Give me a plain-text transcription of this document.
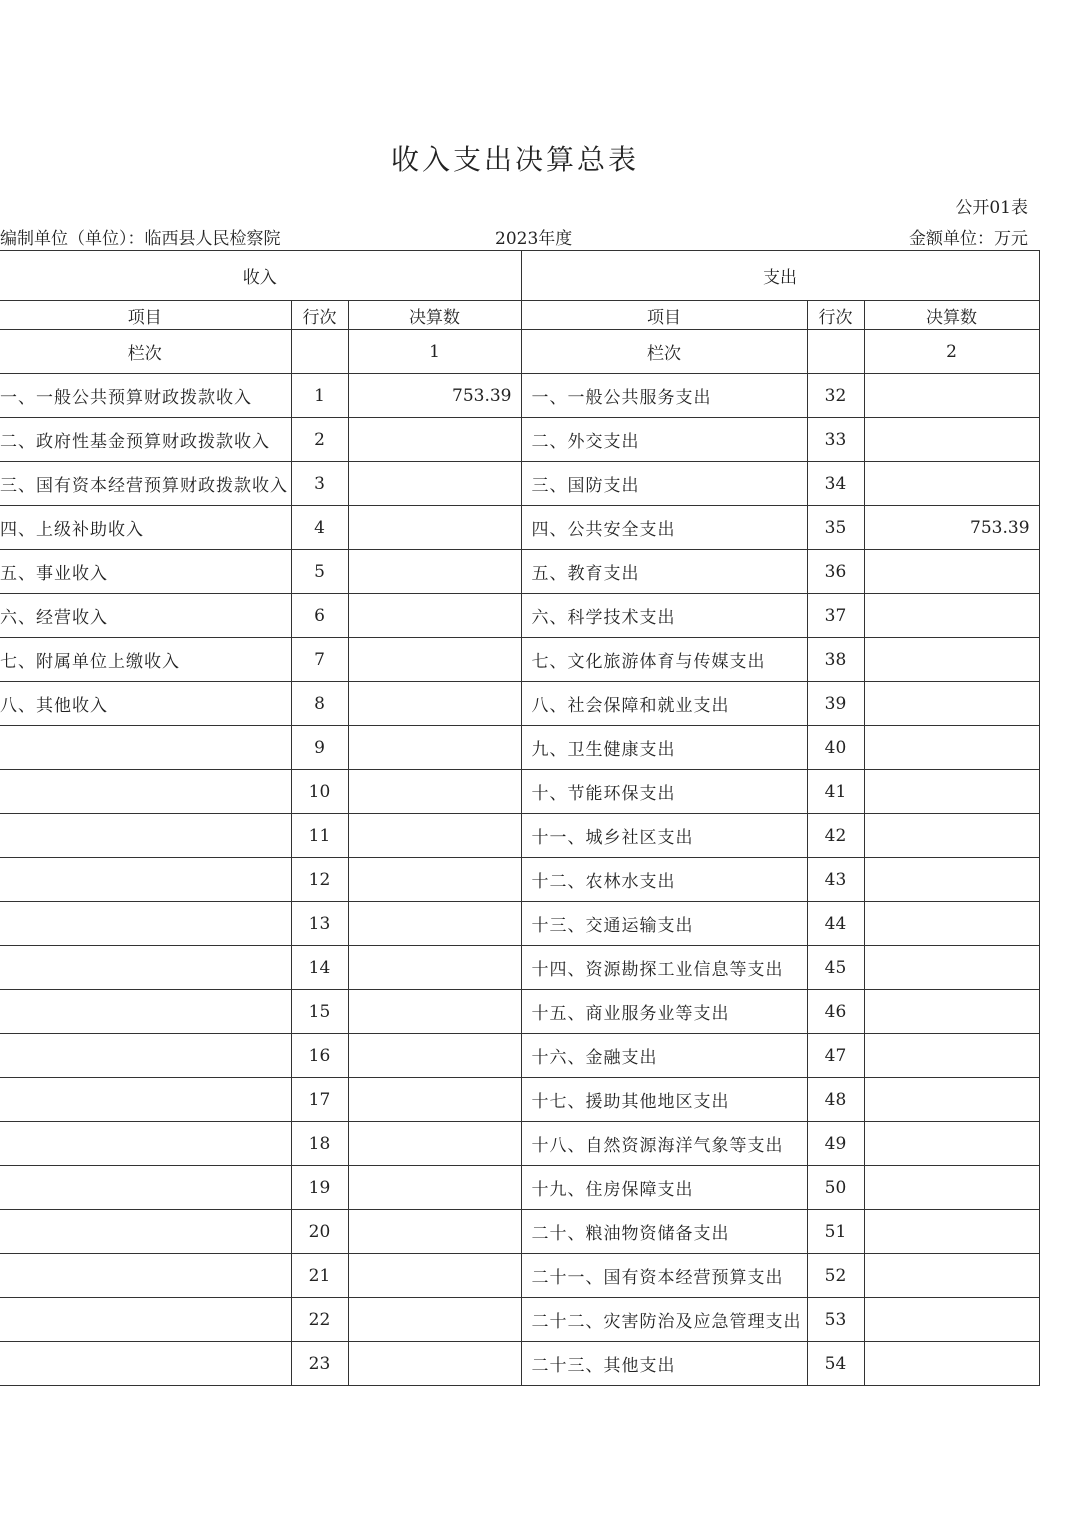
收入支出决算总表
公开01表
编制单位（单位）：临西县人民检察院	2023年度	金额单位：万元
收入			支出		
项目	行次	决算数	项目	行次	决算数
栏次		1	栏次		2
一、一般公共预算财政拨款收入	1	753.39	一、一般公共服务支出	32	
二、政府性基金预算财政拨款收入	2		二、外交支出	33	
三、国有资本经营预算财政拨款收入	3		三、国防支出	34	
四、上级补助收入	4		四、公共安全支出	35	753.39
五、事业收入	5		五、教育支出	36	
六、经营收入	6		六、科学技术支出	37	
七、附属单位上缴收入	7		七、文化旅游体育与传媒支出	38	
八、其他收入	8		八、社会保障和就业支出	39	
	9		九、卫生健康支出	40	
	10		十、节能环保支出	41	
	11		十一、城乡社区支出	42	
	12		十二、农林水支出	43	
	13		十三、交通运输支出	44	
	14		十四、资源勘探工业信息等支出	45	
	15		十五、商业服务业等支出	46	
	16		十六、金融支出	47	
	17		十七、援助其他地区支出	48	
	18		十八、自然资源海洋气象等支出	49	
	19		十九、住房保障支出	50	
	20		二十、粮油物资储备支出	51	
	21		二十一、国有资本经营预算支出	52	
	22		二十二、灾害防治及应急管理支出	53	
	23		二十三、其他支出	54	
